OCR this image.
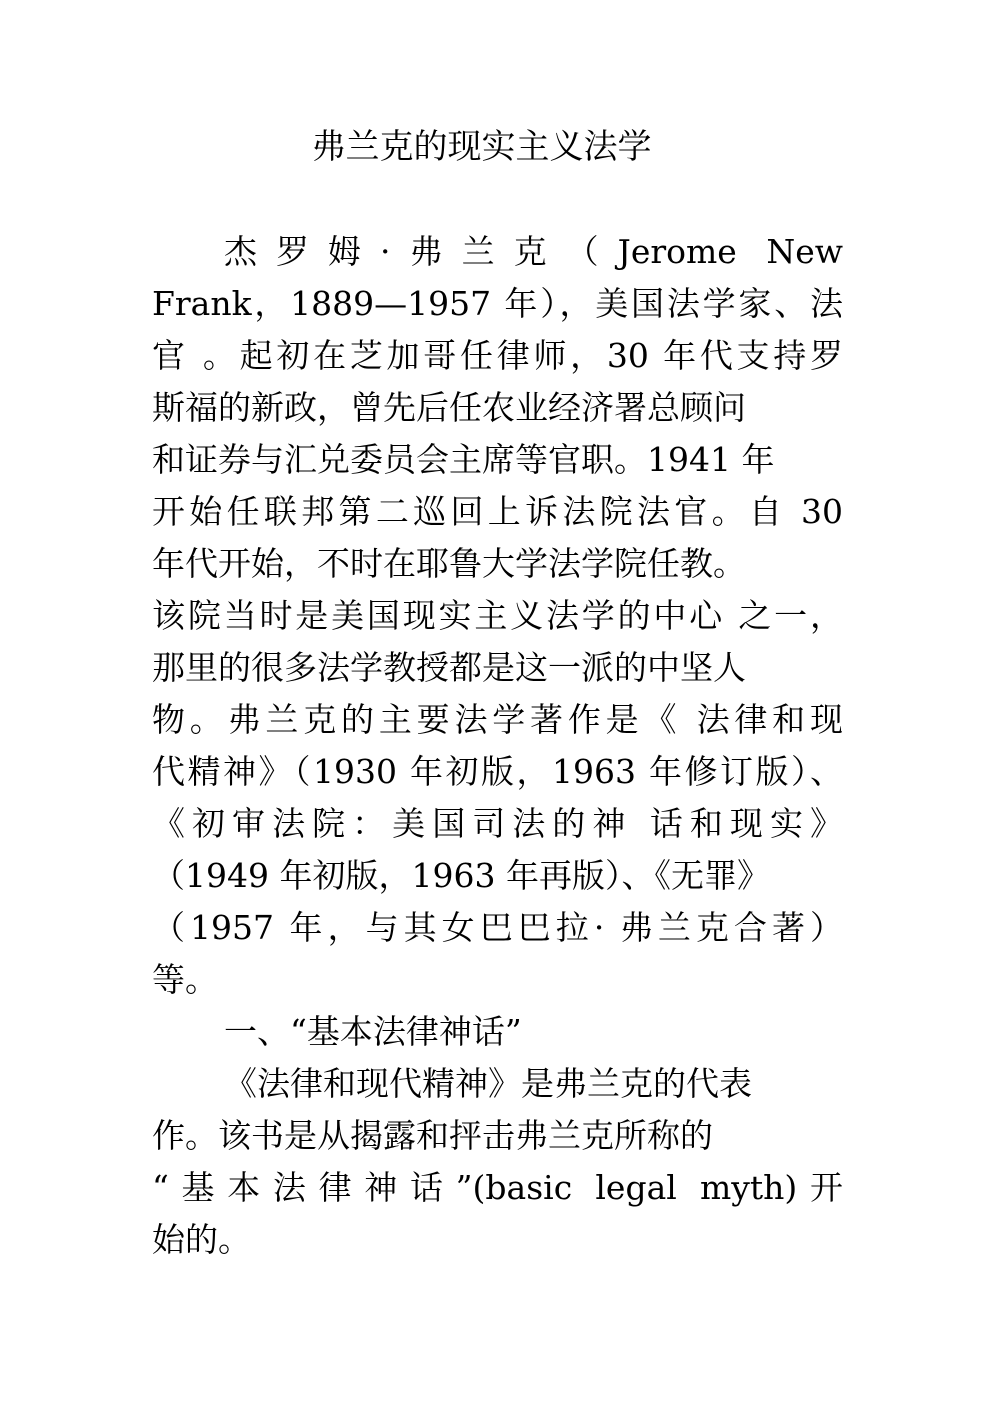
弗兰克的现实主义法学
杰罗姆·弗兰克（Jerome New
Frank，1889—1957 年），美国法学家、法
官 。起初在芝加哥任律师，30 年代支持罗
斯福的新政，曾先后任农业经济署总顾问
和证券与汇兑委员会主席等官职。1941 年
开始任联邦第二巡回上诉法院法官。自 30
年代开始，不时在耶鲁大学法学院任教。
该院当时是美国现实主义法学的中心 之一，
那里的很多法学教授都是这一派的中坚人
物。弗兰克的主要法学著作是《 法律和现
代精神》（1930 年初版，1963 年修订版）、
《初审法院：美国司法的神 话和现实》
（1949 年初版，1963 年再版）、《无罪》
（1957 年，与其女巴巴拉· 弗兰克合著）
等。
一、“基本法律神话”
《法律和现代精神》是弗兰克的代表
作。该书是从揭露和抨击弗兰克所称的
“基本法律神话”(basic legal myth)开
始的。
